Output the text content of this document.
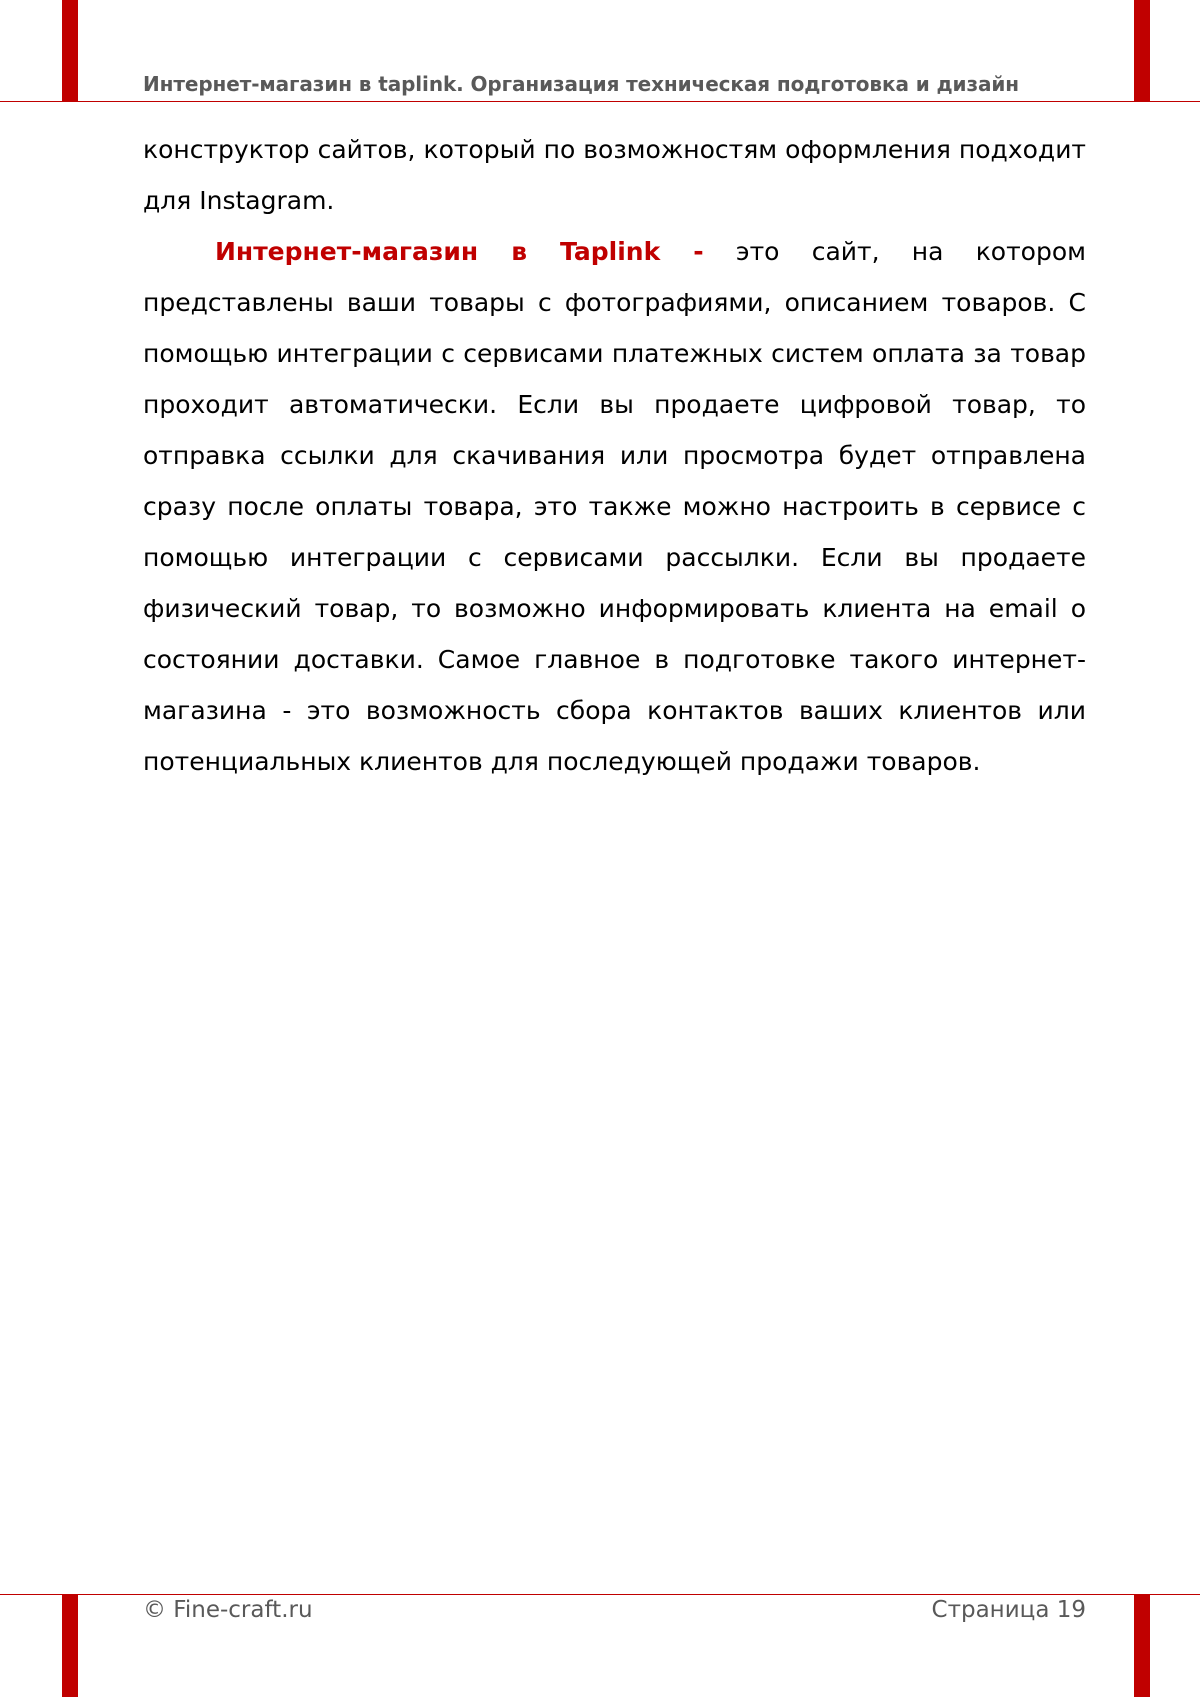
Интернет-магазин в taplink. Организация техническая подготовка и дизайн

конструктор сайтов, который по возможностям оформления подходит для Instagram.

Интернет-магазин в Taplink - это сайт, на котором представлены ваши товары с фотографиями, описанием товаров. С помощью интеграции с сервисами платежных систем оплата за товар проходит автоматически. Если вы продаете цифровой товар, то отправка ссылки для скачивания или просмотра будет отправлена сразу после оплаты товара, это также можно настроить в сервисе с помощью интеграции с сервисами рассылки. Если вы продаете физический товар, то возможно информировать клиента на email о состоянии доставки. Самое главное в подготовке такого интернет-магазина - это возможность сбора контактов ваших клиентов или потенциальных клиентов для последующей продажи товаров.

© Fine-craft.ru	Страница 19
